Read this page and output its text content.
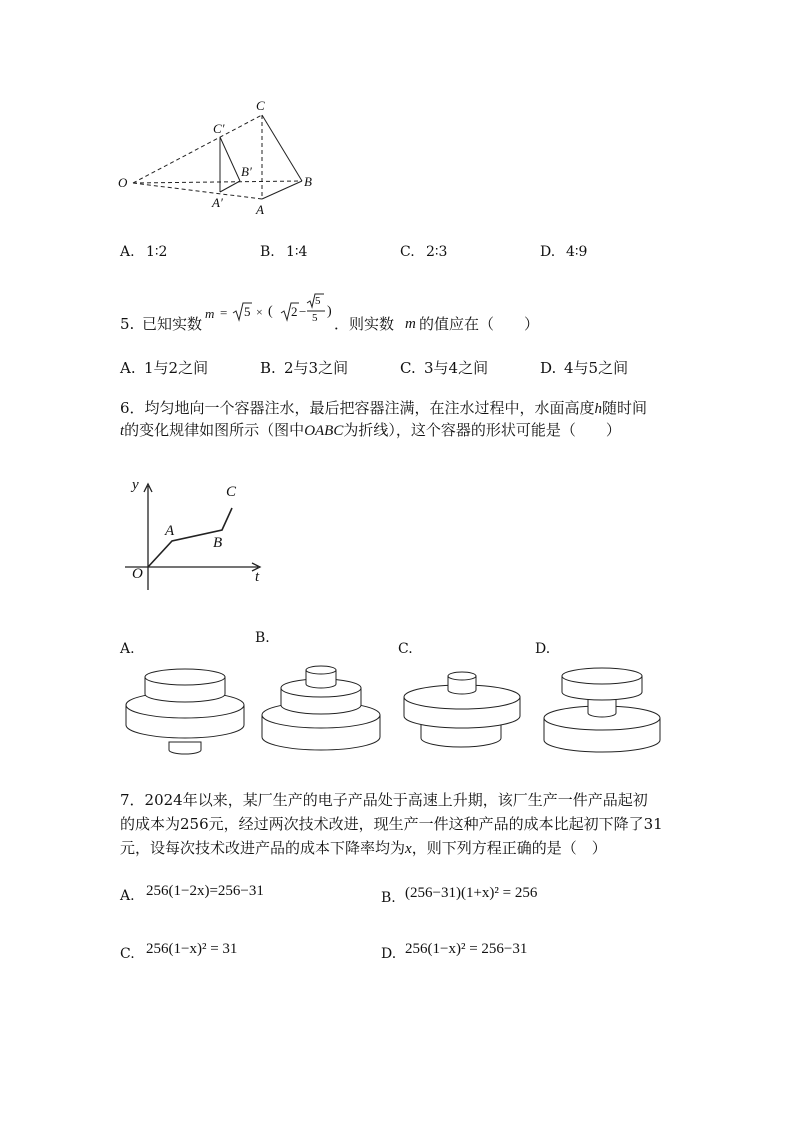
O
C
B
A
C′
B′
A′
A. 1∶2	B. 1∶4	C. 2∶3	D. 4∶9
5. 已知实数
m = 5 × ( 2 −
5
5 )
．则实数 m 的值应在（　　）
A. 1与2之间	B. 2与3之间	C. 3与4之间	D. 4与5之间
6．均匀地向一个容器注水，最后把容器注满，在注水过程中，水面高度h随时间
t的变化规律如图所示（图中OABC为折线），这个容器的形状可能是（　　）
y
t
O
A
B
C
A.
B.
C.	D.
7．2024年以来，某厂生产的电子产品处于高速上升期，该厂生产一件产品起初
的成本为256元，经过两次技术改进，现生产一件这种产品的成本比起初下降了31
元，设每次技术改进产品的成本下降率均为x，则下列方程正确的是（　）
A. 256(1−2x)=256−31	B. (256−31)(1+x)² = 256
C. 256(1−x)² = 31	D. 256(1−x)² = 256−31
